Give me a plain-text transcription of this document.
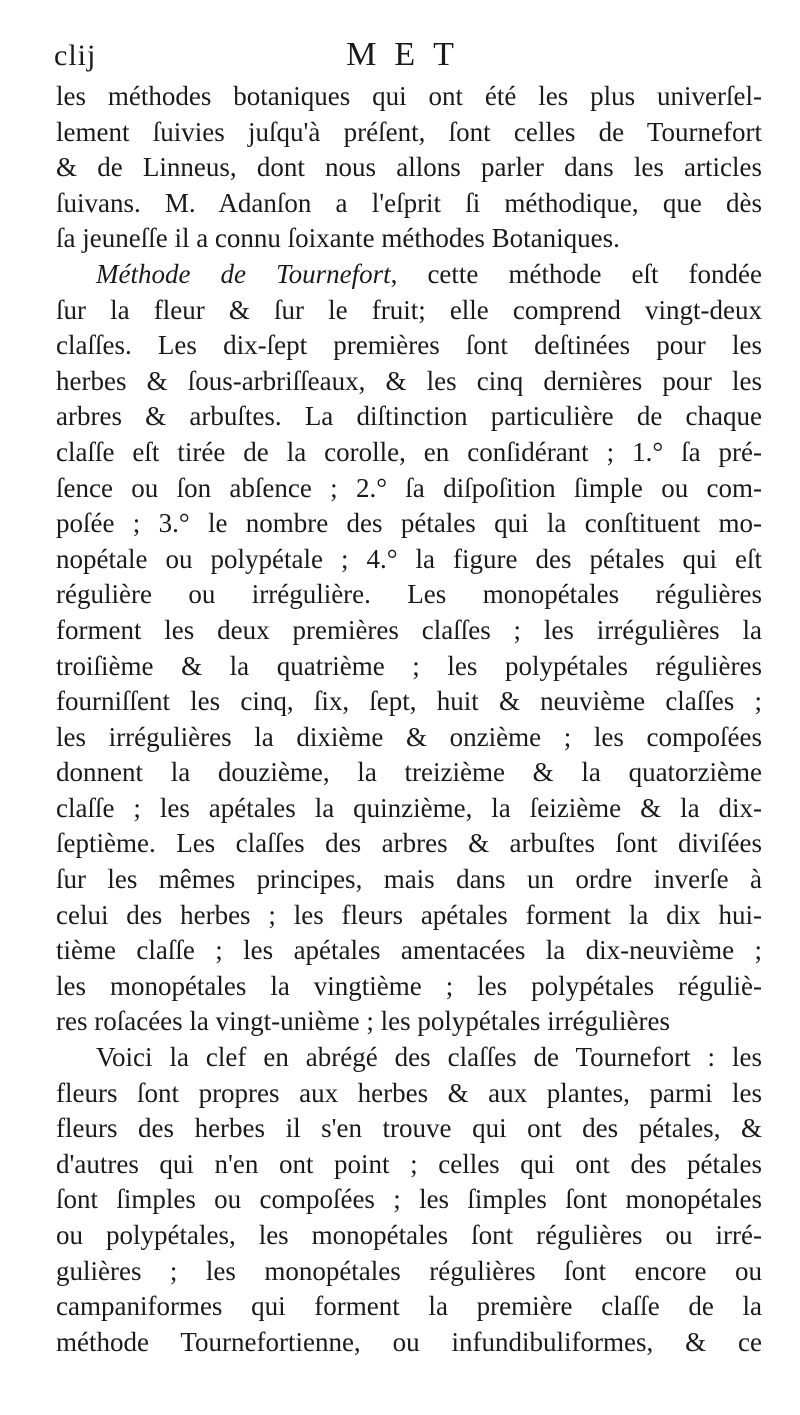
clij	MET
les méthodes botaniques qui ont été les plus univerſel-
lement ſuivies juſqu'à préſent, ſont celles de Tournefort
& de Linneus, dont nous allons parler dans les articles
ſuivans. M. Adanſon a l'eſprit ſi méthodique, que dès
ſa jeuneſſe il a connu ſoixante méthodes Botaniques.
Méthode de Tournefort, cette méthode eſt fondée
ſur la fleur & ſur le fruit; elle comprend vingt-deux
claſſes. Les dix-ſept premières ſont deſtinées pour les
herbes & ſous-arbriſſeaux, & les cinq dernières pour les
arbres & arbuſtes. La diſtinction particulière de chaque
claſſe eſt tirée de la corolle, en conſidérant ; 1.° ſa pré-
ſence ou ſon abſence ; 2.° ſa diſpoſition ſimple ou com-
poſée ; 3.° le nombre des pétales qui la conſtituent mo-
nopétale ou polypétale ; 4.° la figure des pétales qui eſt
régulière ou irrégulière. Les monopétales régulières
forment les deux premières claſſes ; les irrégulières la
troiſième & la quatrième ; les polypétales régulières
fourniſſent les cinq, ſix, ſept, huit & neuvième claſſes ;
les irrégulières la dixième & onzième ; les compoſées
donnent la douzième, la treizième & la quatorzième
claſſe ; les apétales la quinzième, la ſeizième & la dix-
ſeptième. Les claſſes des arbres & arbuſtes ſont diviſées
ſur les mêmes principes, mais dans un ordre inverſe à
celui des herbes ; les fleurs apétales forment la dix hui-
tième claſſe ; les apétales amentacées la dix-neuvième ;
les monopétales la vingtième ; les polypétales réguliè-
res roſacées la vingt-unième ; les polypétales irrégulières
Voici la clef en abrégé des claſſes de Tournefort : les
fleurs ſont propres aux herbes & aux plantes, parmi les
fleurs des herbes il s'en trouve qui ont des pétales, &
d'autres qui n'en ont point ; celles qui ont des pétales
ſont ſimples ou compoſées ; les ſimples ſont monopétales
ou polypétales, les monopétales ſont régulières ou irré-
gulières ; les monopétales régulières ſont encore ou
campaniformes qui forment la première claſſe de la
méthode Tournefortienne, ou infundibuliformes, & ce
